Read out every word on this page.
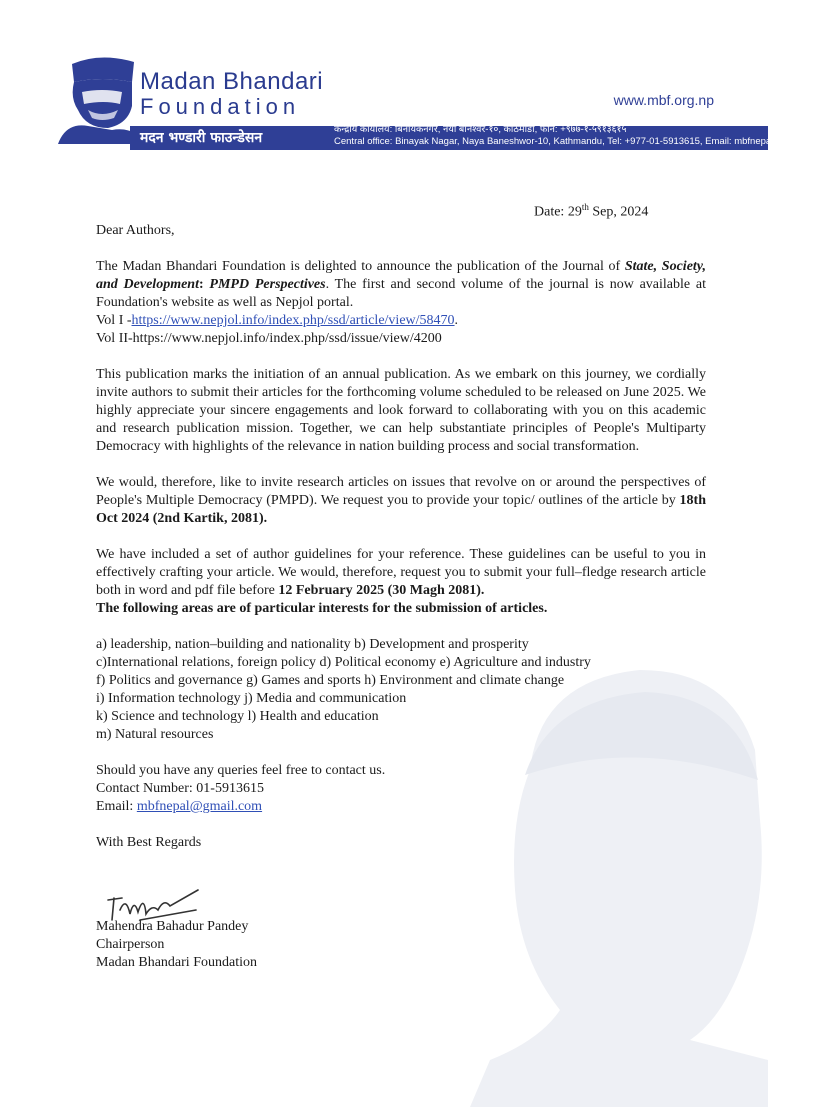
Madan Bhandari
Foundation	www.mbf.org.np
मदन भण्डारी फाउन्डेसन
केन्द्रीय कार्यालय: बिनायकनगर, नयाँ बानेश्वर-१०, काठमाडौं, फोन: +९७७-१-५९१३६१५
Central office: Binayak Nagar, Naya Baneshwor-10, Kathmandu, Tel: +977-01-5913615, Email: mbfnepal@gmail.com
Date: 29th Sep, 2024

Dear Authors,

The Madan Bhandari Foundation is delighted to announce the publication of the Journal of State, Society, and Development: PMPD Perspectives. The first and second volume of the journal is now available at Foundation's website as well as Nepjol portal.

Vol I -https://www.nepjol.info/index.php/ssd/article/view/58470.

Vol II-https://www.nepjol.info/index.php/ssd/issue/view/4200

This publication marks the initiation of an annual publication. As we embark on this journey, we cordially invite authors to submit their articles for the forthcoming volume scheduled to be released on June 2025. We highly appreciate your sincere engagements and look forward to collaborating with you on this academic and research publication mission. Together, we can help substantiate principles of People's Multiparty Democracy with highlights of the relevance in nation building process and social transformation.

We would, therefore, like to invite research articles on issues that revolve on or around the perspectives of People's Multiple Democracy (PMPD). We request you to provide your topic/ outlines of the article by 18th Oct 2024 (2nd Kartik, 2081).

We have included a set of author guidelines for your reference. These guidelines can be useful to you in effectively crafting your article. We would, therefore, request you to submit your full–fledge research article both in word and pdf file before 12 February 2025 (30 Magh 2081).

The following areas are of particular interests for the submission of articles.

a) leadership, nation–building and nationality b) Development and prosperity

c)International relations, foreign policy d) Political economy e) Agriculture and industry

f) Politics and governance g) Games and sports h) Environment and climate change

i) Information technology j) Media and communication

k) Science and technology l) Health and education

m) Natural resources

Should you have any queries feel free to contact us.

Contact Number: 01-5913615

Email: mbfnepal@gmail.com

With Best Regards

Mahendra Bahadur Pandey

Chairperson

Madan Bhandari Foundation
